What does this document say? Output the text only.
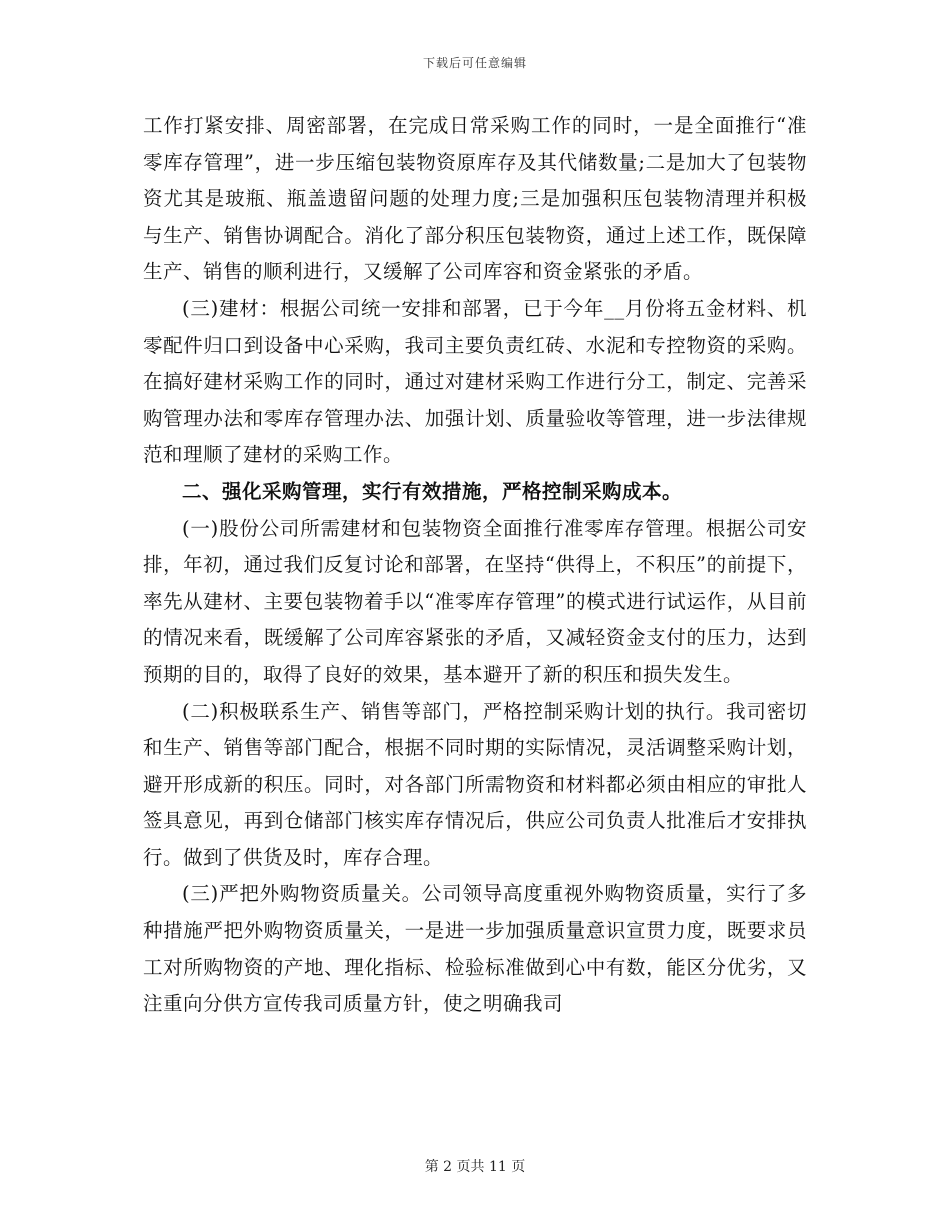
下载后可任意编辑

工作打紧安排、周密部署，在完成日常采购工作的同时，一是全面推行“准零库存管理”，进一步压缩包装物资原库存及其代储数量;二是加大了包装物资尤其是玻瓶、瓶盖遗留问题的处理力度;三是加强积压包装物清理并积极与生产、销售协调配合。消化了部分积压包装物资，通过上述工作，既保障生产、销售的顺利进行，又缓解了公司库容和资金紧张的矛盾。

(三)建材：根据公司统一安排和部署，已于今年__月份将五金材料、机零配件归口到设备中心采购，我司主要负责红砖、水泥和专控物资的采购。在搞好建材采购工作的同时，通过对建材采购工作进行分工，制定、完善采购管理办法和零库存管理办法、加强计划、质量验收等管理，进一步法律规范和理顺了建材的采购工作。

二、强化采购管理，实行有效措施，严格控制采购成本。

(一)股份公司所需建材和包装物资全面推行准零库存管理。根据公司安排，年初，通过我们反复讨论和部署，在坚持“供得上，不积压”的前提下，率先从建材、主要包装物着手以“准零库存管理”的模式进行试运作，从目前的情况来看，既缓解了公司库容紧张的矛盾，又减轻资金支付的压力，达到预期的目的，取得了良好的效果，基本避开了新的积压和损失发生。

(二)积极联系生产、销售等部门，严格控制采购计划的执行。我司密切和生产、销售等部门配合，根据不同时期的实际情况，灵活调整采购计划，避开形成新的积压。同时，对各部门所需物资和材料都必须由相应的审批人签具意见，再到仓储部门核实库存情况后，供应公司负责人批准后才安排执行。做到了供货及时，库存合理。

(三)严把外购物资质量关。公司领导高度重视外购物资质量，实行了多种措施严把外购物资质量关，一是进一步加强质量意识宣贯力度，既要求员工对所购物资的产地、理化指标、检验标准做到心中有数，能区分优劣，又注重向分供方宣传我司质量方针，使之明确我司

第 2 页共 11 页
